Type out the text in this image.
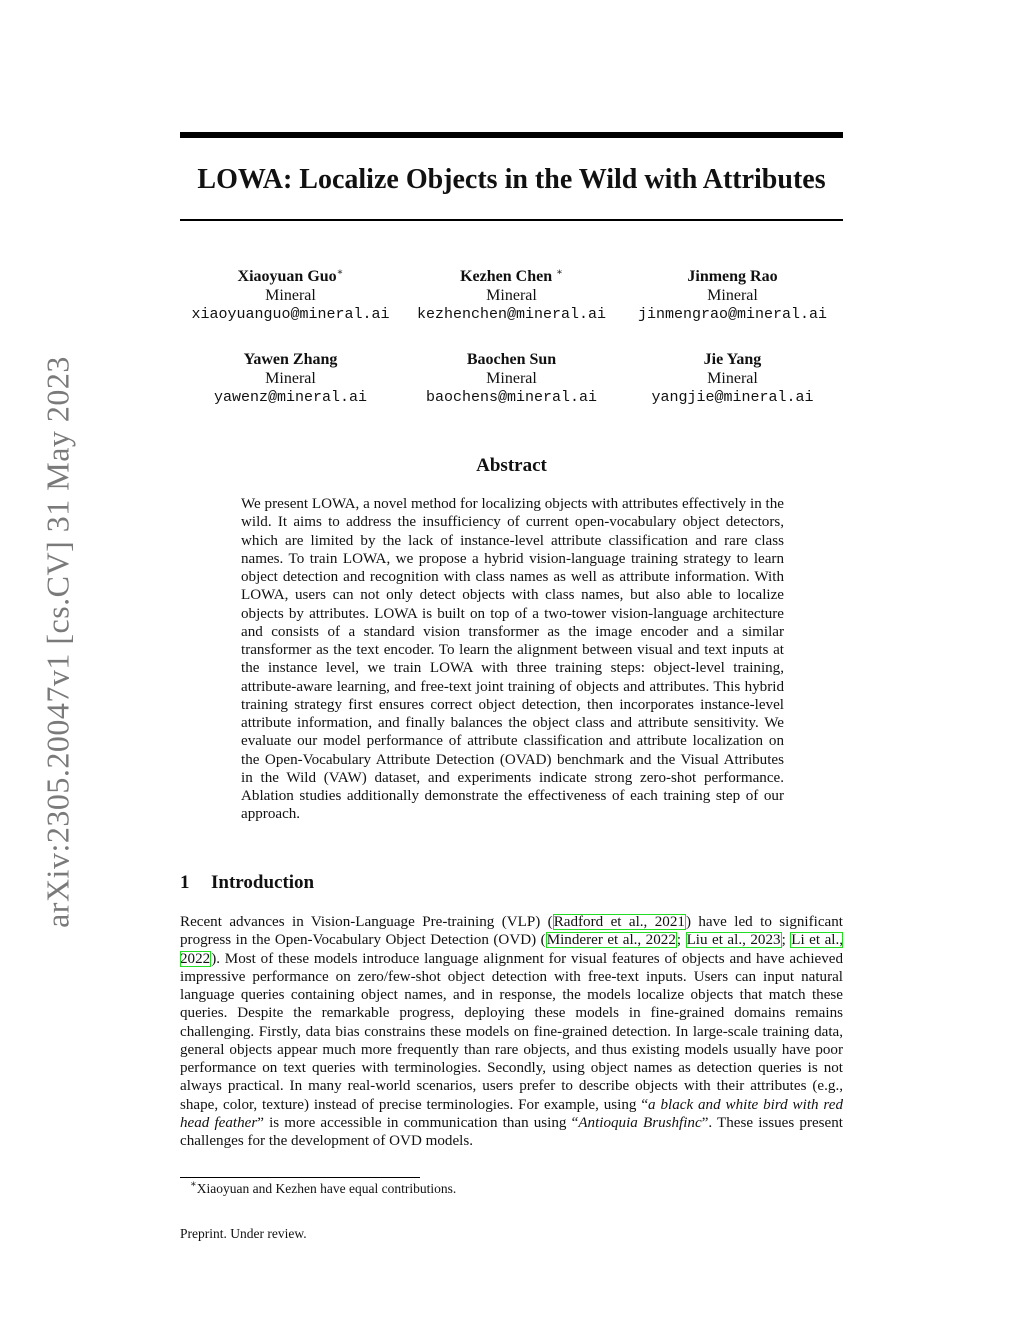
arXiv:2305.20047v1 [cs.CV] 31 May 2023
LOWA: Localize Objects in the Wild with Attributes
Xiaoyuan Guo∗
Mineral
xiaoyuanguo@mineral.ai
Kezhen Chen ∗
Mineral
kezhenchen@mineral.ai
Jinmeng Rao
Mineral
jinmengrao@mineral.ai
Yawen Zhang
Mineral
yawenz@mineral.ai
Baochen Sun
Mineral
baochens@mineral.ai
Jie Yang
Mineral
yangjie@mineral.ai
Abstract

We present LOWA, a novel method for localizing objects with attributes effectively in the wild. It aims to address the insufficiency of current open-vocabulary object detectors, which are limited by the lack of instance-level attribute classification and rare class names. To train LOWA, we propose a hybrid vision-language training strategy to learn object detection and recognition with class names as well as attribute information. With LOWA, users can not only detect objects with class names, but also able to localize objects by attributes. LOWA is built on top of a two-tower vision-language architecture and consists of a standard vision transformer as the image encoder and a similar transformer as the text encoder. To learn the alignment between visual and text inputs at the instance level, we train LOWA with three training steps: object-level training, attribute-aware learning, and free-text joint training of objects and attributes. This hybrid training strategy first ensures correct object detection, then incorporates instance-level attribute information, and finally balances the object class and attribute sensitivity. We evaluate our model performance of attribute classification and attribute localization on the Open-Vocabulary Attribute Detection (OVAD) benchmark and the Visual Attributes in the Wild (VAW) dataset, and experiments indicate strong zero-shot performance. Ablation studies additionally demonstrate the effectiveness of each training step of our approach.

1 Introduction

Recent advances in Vision-Language Pre-training (VLP) (Radford et al., 2021) have led to significant progress in the Open-Vocabulary Object Detection (OVD) (Minderer et al., 2022; Liu et al., 2023; Li et al., 2022). Most of these models introduce language alignment for visual features of objects and have achieved impressive performance on zero/few-shot object detection with free-text inputs. Users can input natural language queries containing object names, and in response, the models localize objects that match these queries. Despite the remarkable progress, deploying these models in fine-grained domains remains challenging. Firstly, data bias constrains these models on fine-grained detection. In large-scale training data, general objects appear much more frequently than rare objects, and thus existing models usually have poor performance on text queries with terminologies. Secondly, using object names as detection queries is not always practical. In many real-world scenarios, users prefer to describe objects with their attributes (e.g., shape, color, texture) instead of precise terminologies. For example, using “a black and white bird with red head feather” is more accessible in communication than using “Antioquia Brushfinc”. These issues present challenges for the development of OVD models.

∗Xiaoyuan and Kezhen have equal contributions.

Preprint. Under review.
